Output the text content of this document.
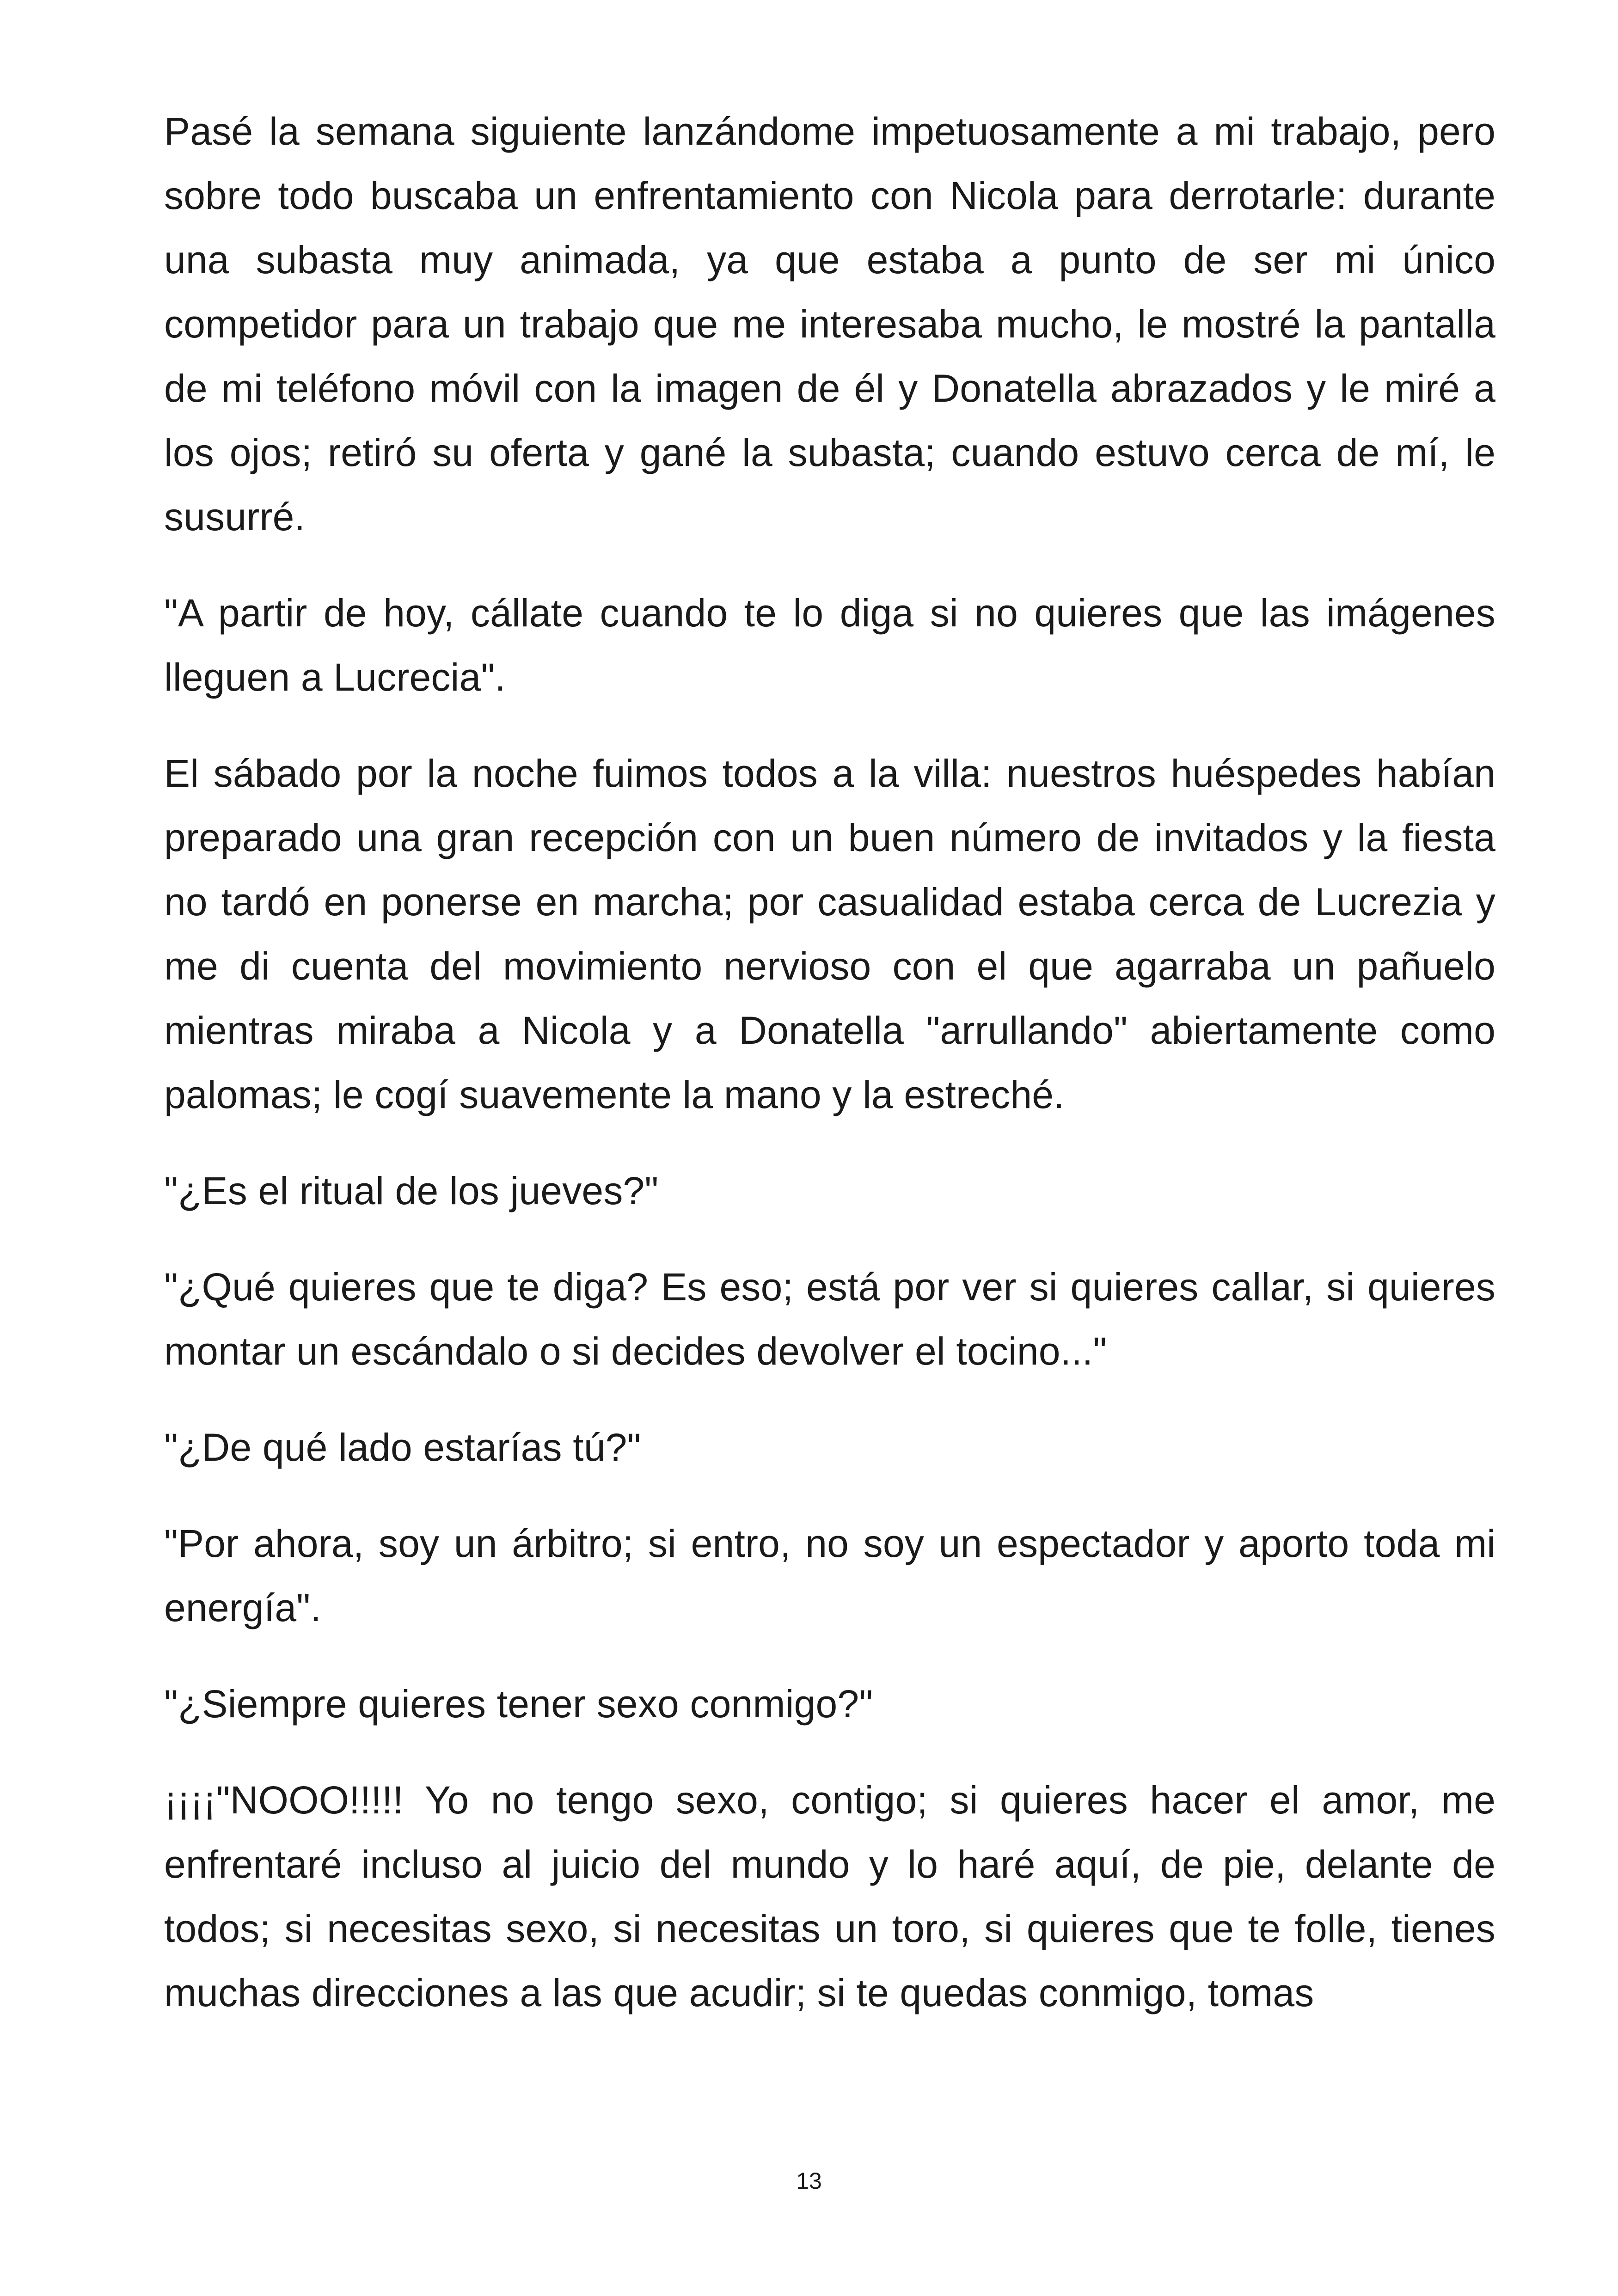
Pasé la semana siguiente lanzándome impetuosamente a mi trabajo, pero sobre todo buscaba un enfrentamiento con Nicola para derrotarle: durante una subasta muy animada, ya que estaba a punto de ser mi único competidor para un trabajo que me interesaba mucho, le mostré la pantalla de mi teléfono móvil con la imagen de él y Donatella abrazados y le miré a los ojos; retiró su oferta y gané la subasta; cuando estuvo cerca de mí, le susurré.

"A partir de hoy, cállate cuando te lo diga si no quieres que las imágenes lleguen a Lucrecia".

El sábado por la noche fuimos todos a la villa: nuestros huéspedes habían preparado una gran recepción con un buen número de invitados y la fiesta no tardó en ponerse en marcha; por casualidad estaba cerca de Lucrezia y me di cuenta del movimiento nervioso con el que agarraba un pañuelo mientras miraba a Nicola y a Donatella "arrullando" abiertamente como palomas; le cogí suavemente la mano y la estreché.

"¿Es el ritual de los jueves?"

"¿Qué quieres que te diga? Es eso; está por ver si quieres callar, si quieres montar un escándalo o si decides devolver el tocino..."

"¿De qué lado estarías tú?"

"Por ahora, soy un árbitro; si entro, no soy un espectador y aporto toda mi energía".

"¿Siempre quieres tener sexo conmigo?"

¡¡¡¡"NOOO!!!!! Yo no tengo sexo, contigo; si quieres hacer el amor, me enfrentaré incluso al juicio del mundo y lo haré aquí, de pie, delante de todos; si necesitas sexo, si necesitas un toro, si quieres que te folle, tienes muchas direcciones a las que acudir; si te quedas conmigo, tomas

13
